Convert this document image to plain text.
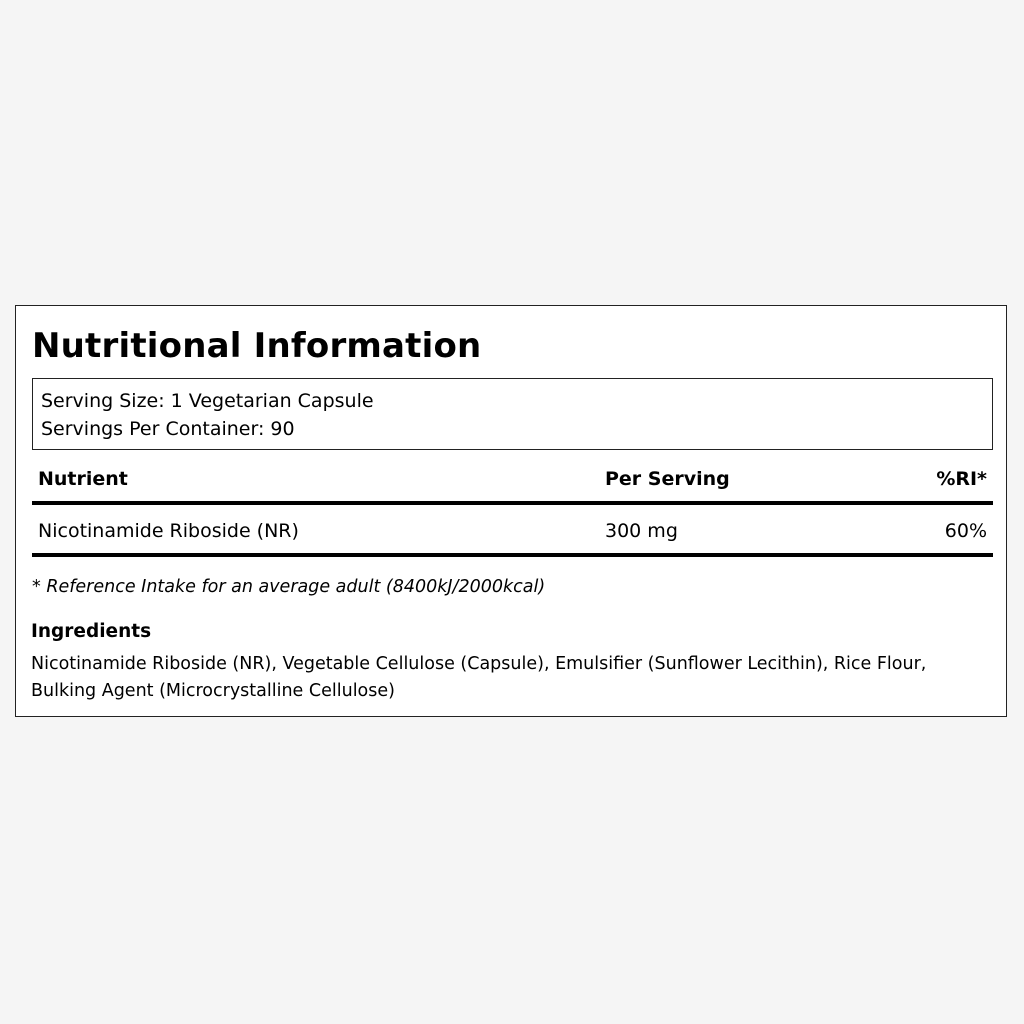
Nutritional Information
Serving Size: 1 Vegetarian Capsule
Servings Per Container: 90
Nutrient	Per Serving	%RI*
Nicotinamide Riboside (NR)	300 mg	60%
* Reference Intake for an average adult (8400kJ/2000kcal)
Ingredients
Nicotinamide Riboside (NR), Vegetable Cellulose (Capsule), Emulsifier (Sunflower Lecithin), Rice Flour, Bulking Agent (Microcrystalline Cellulose)
